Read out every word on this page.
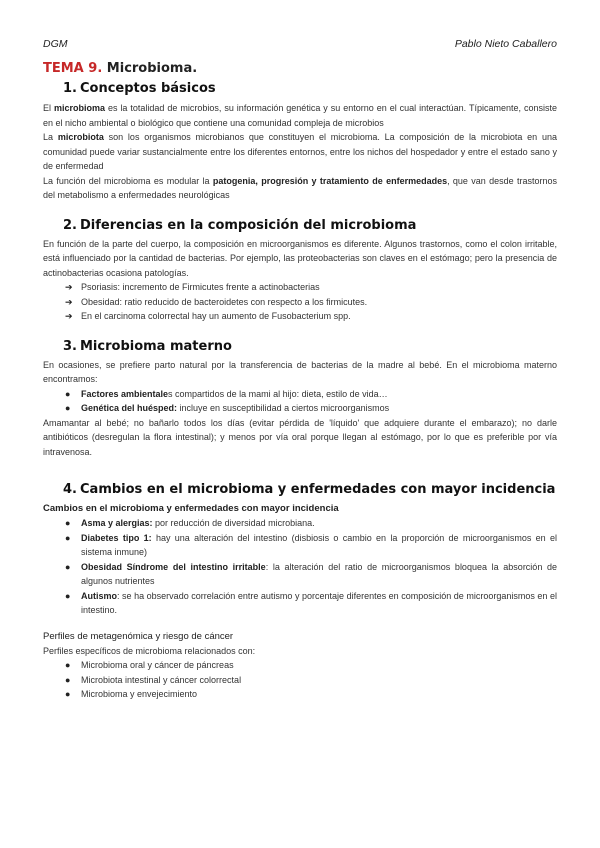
DGM	Pablo Nieto Caballero
TEMA 9. Microbioma.
1. Conceptos básicos

El microbioma es la totalidad de microbios, su información genética y su entorno en el cual interactúan. Típicamente, consiste en el nicho ambiental o biológico que contiene una comunidad compleja de microbios

La microbiota son los organismos microbianos que constituyen el microbioma. La composición de la microbiota en una comunidad puede variar sustancialmente entre los diferentes entornos, entre los nichos del hospedador y entre el estado sano y de enfermedad

La función del microbioma es modular la patogenia, progresión y tratamiento de enfermedades, que van desde trastornos del metabolismo a enfermedades neurológicas

2. Diferencias en la composición del microbioma

En función de la parte del cuerpo, la composición en microorganismos es diferente. Algunos trastornos, como el colon irritable, está influenciado por la cantidad de bacterias. Por ejemplo, las proteobacterias son claves en el estómago; pero la presencia de actinobacterias ocasiona patologías.

➔ Psoriasis: incremento de Firmicutes frente a actinobacterias
➔ Obesidad: ratio reducido de bacteroidetes con respecto a los firmicutes.
➔ En el carcinoma colorrectal hay un aumento de Fusobacterium spp.
3. Microbioma materno

En ocasiones, se prefiere parto natural por la transferencia de bacterias de la madre al bebé. En el microbioma materno encontramos:

● Factores ambientales compartidos de la mami al hijo: dieta, estilo de vida…
● Genética del huésped: incluye en susceptibilidad a ciertos microorganismos

Amamantar al bebé; no bañarlo todos los días (evitar pérdida de 'líquido' que adquiere durante el embarazo); no darle antibióticos (desregulan la flora intestinal); y menos por vía oral porque llegan al estómago, por lo que es preferible por vía intravenosa.

4. Cambios en el microbioma y enfermedades con mayor incidencia
Cambios en el microbioma y enfermedades con mayor incidencia
● Asma y alergias: por reducción de diversidad microbiana.
● Diabetes tipo 1: hay una alteración del intestino (disbiosis o cambio en la proporción de microorganismos en el sistema inmune)
● Obesidad Síndrome del intestino irritable: la alteración del ratio de microorganismos bloquea la absorción de algunos nutrientes
● Autismo: se ha observado correlación entre autismo y porcentaje diferentes en composición de microorganismos en el intestino.
Perfiles de metagenómica y riesgo de cáncer

Perfiles específicos de microbioma relacionados con:

● Microbioma oral y cáncer de páncreas
● Microbiota intestinal y cáncer colorrectal
● Microbioma y envejecimiento
